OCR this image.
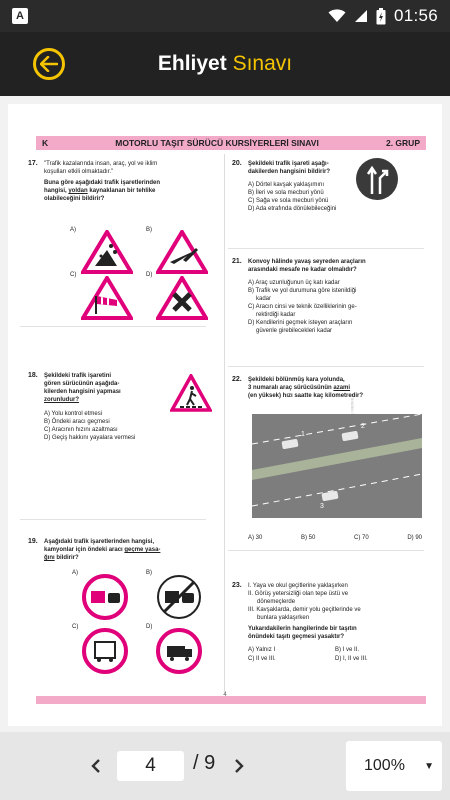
A	01:56
Ehliyet Sınavı
K	MOTORLU TAŞIT SÜRÜCÜ KURSİYERLERİ SINAVI	2. GRUP
17. "Trafik kazalarında insan, araç, yol ve iklim
koşulları etkili olmaktadır."
Buna göre aşağıdaki trafik işaretlerinden
hangisi, yoldan kaynaklanan bir tehlike
olabileceğini bildirir?
A)	B)
C)	D)
18. Şekildeki trafik işaretini
gören sürücünün aşağıda-
kilerden hangisini yapması
zorunludur?
A) Yolu kontrol etmesi
B) Öndeki aracı geçmesi
C) Aracının hızını azaltması
D) Geçiş hakkını yayalara vermesi
19. Aşağıdaki trafik işaretlerinden hangisi,
kamyonlar için öndeki aracı geçme yasa-
ğını bildirir?
A)	B)
C)	D)
20. Şekildeki trafik işareti aşağı-
dakilerden hangisini bildirir?
A) Dörtel kavşak yaklaşımını
B) İleri ve sola mecburi yönü
C) Sağa ve sola mecburi yönü
D) Ada etrafında dönülebileceğini
21. Konvoy hâlinde yavaş seyreden araçların
arasındaki mesafe ne kadar olmalıdır?
A) Araç uzunluğunun üç katı kadar
B) Trafik ve yol durumuna göre istenildiği
kadar
C) Aracın cinsi ve teknik özelliklerinin ge-
rektirdiği kadar
D) Kendilerini geçmek isteyen araçların
güvenle girebilecekleri kadar
22. Şekildeki bölünmüş kara yolunda,
3 numaralı araç sürücüsünün azami
(en yüksek) hızı saatte kaç kilometredir?
1
2
3
A) 30	B) 50	C) 70	D) 90
23. I. Yaya ve okul geçitlerine yaklaşırken
II. Görüş yetersizliği olan tepe üstü ve
dönemeçlerde
III. Kavşaklarda, demir yolu geçitlerinde ve
bunlara yaklaşırken
Yukarıdakilerin hangilerinde bir taşıtın
önündeki taşıtı geçmesi yasaktır?
A) Yalnız I	B) I ve II.
C) II ve III.	D) I, II ve III.
4
4	/ 9	100% ▼
